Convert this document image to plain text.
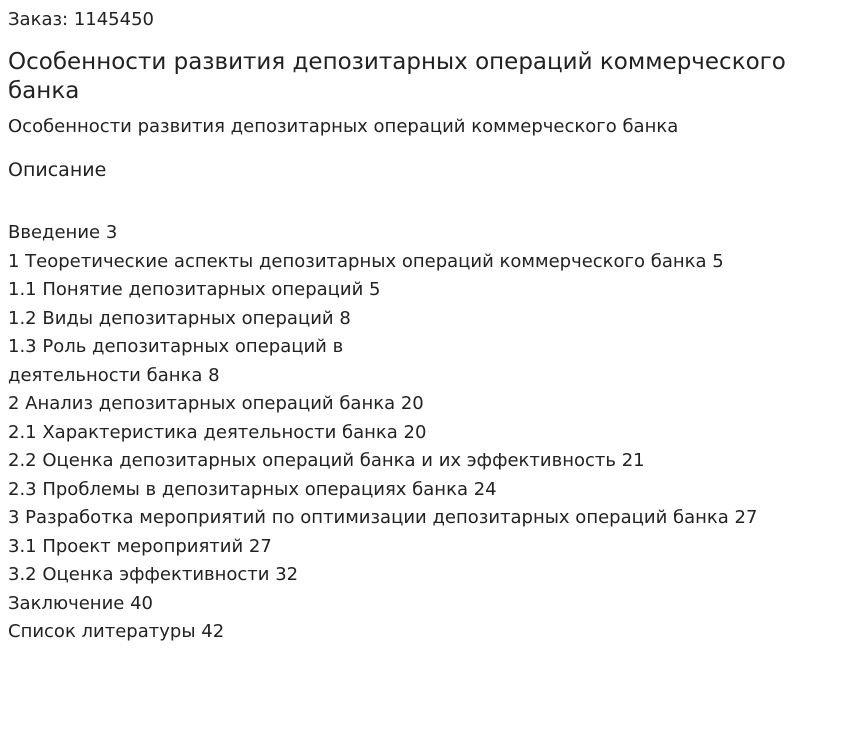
Заказ: 1145450
Особенности развития депозитарных операций коммерческого банка
Особенности развития депозитарных операций коммерческого банка
Описание
Введение 3
1 Теоретические аспекты депозитарных операций коммерческого банка 5
1.1 Понятие депозитарных операций 5
1.2 Виды депозитарных операций 8
1.3 Роль депозитарных операций в
деятельности банка 8
2 Анализ депозитарных операций банка 20
2.1 Характеристика деятельности банка 20
2.2 Оценка депозитарных операций банка и их эффективность 21
2.3 Проблемы в депозитарных операциях банка 24
3 Разработка мероприятий по оптимизации депозитарных операций банка 27
3.1 Проект мероприятий 27
3.2 Оценка эффективности 32
Заключение 40
Список литературы 42
